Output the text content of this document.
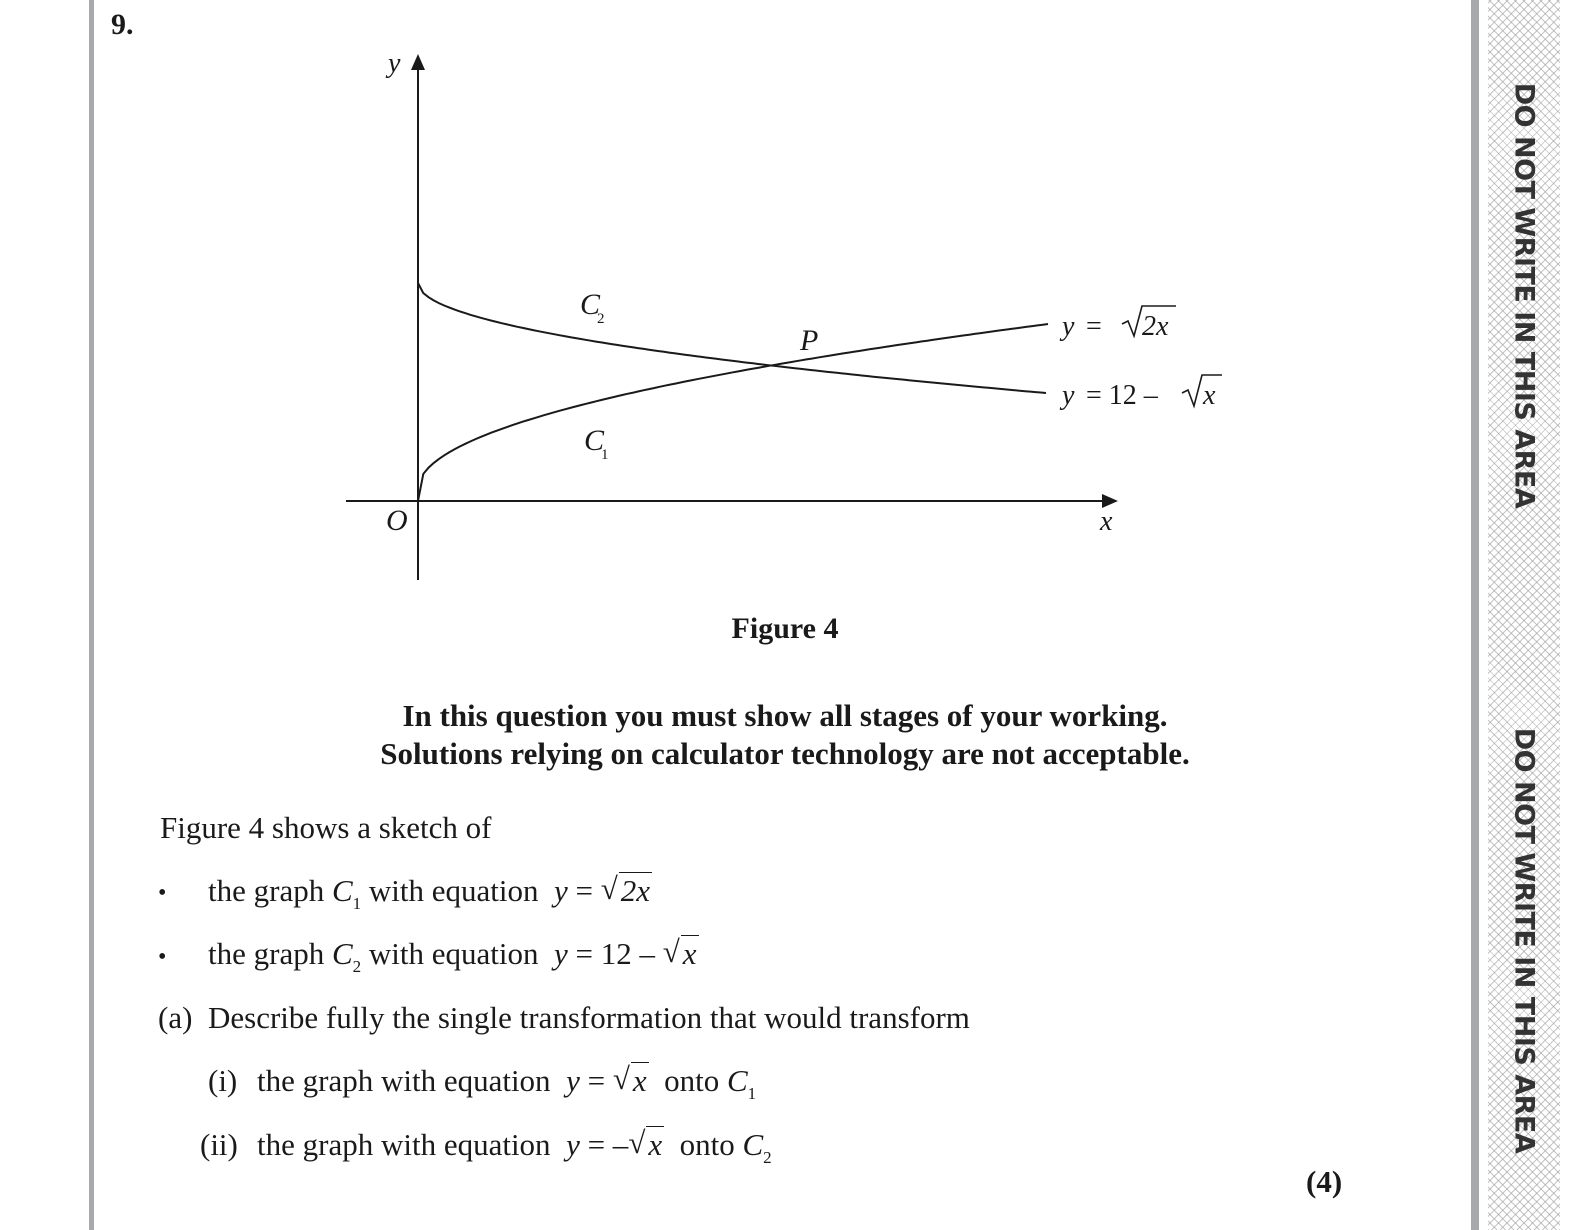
DO NOT WRITE IN THIS AREA
DO NOT WRITE IN THIS AREA
9.
y
x
O
C2
C1
P	y = 2x
y = 12 – x
Figure 4
In this question you must show all stages of your working.
Solutions relying on calculator technology are not acceptable.
Figure 4 shows a sketch of
• the graph $C_1$ with equation y = √ 2x
• the graph $C_2$ with equation y = 12 – √ x
(a) Describe fully the single transformation that would transform
(i) the graph with equation y = √ x onto $C_1$
(ii) the graph with equation y = – √ x onto $C_2$
(4)
